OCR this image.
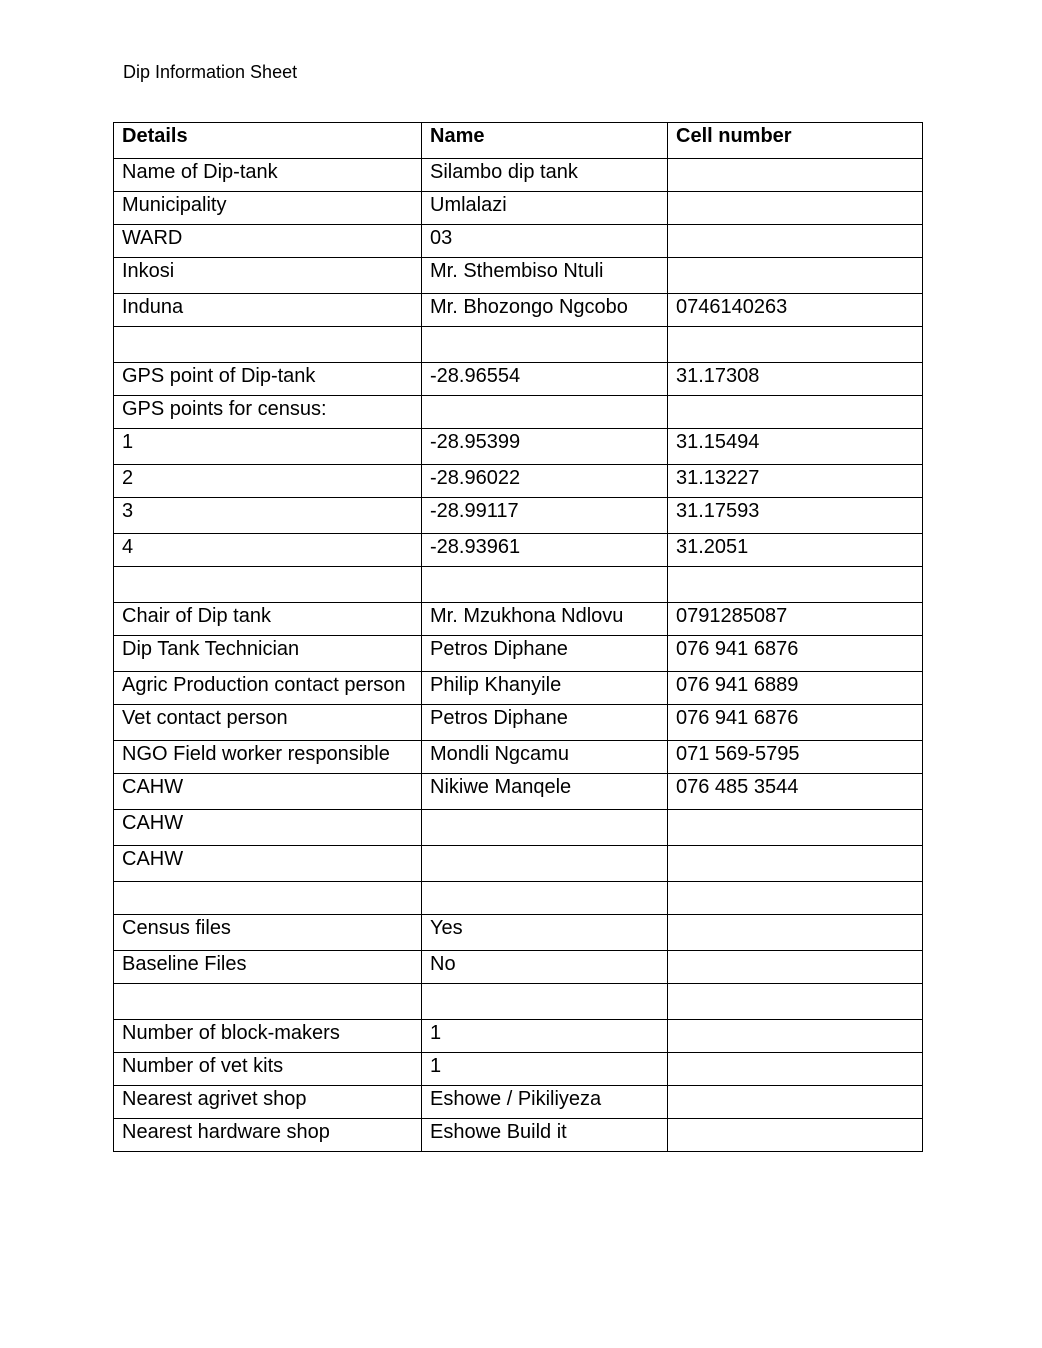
Dip Information Sheet
Details	Name	Cell number
Name of Dip-tank	Silambo dip tank	
Municipality	Umlalazi	
WARD	03	
Inkosi	Mr. Sthembiso Ntuli	
Induna	Mr. Bhozongo Ngcobo	0746140263

GPS point of Dip-tank	-28.96554	31.17308
GPS points for census:		
1	-28.95399	31.15494
2	-28.96022	31.13227
3	-28.99117	31.17593
4	-28.93961	31.2051

Chair of Dip tank	Mr. Mzukhona Ndlovu	0791285087
Dip Tank Technician	Petros Diphane	076 941 6876
Agric Production contact person	Philip Khanyile	076 941 6889
Vet contact person	Petros Diphane	076 941 6876
NGO Field worker responsible	Mondli Ngcamu	071 569-5795
CAHW	Nikiwe Manqele	076 485 3544
CAHW		
CAHW		

Census files	Yes	
Baseline Files	No	

Number of block-makers	1	
Number of vet kits	1	
Nearest agrivet shop	Eshowe / Pikiliyeza	
Nearest hardware shop	Eshowe Build it	
